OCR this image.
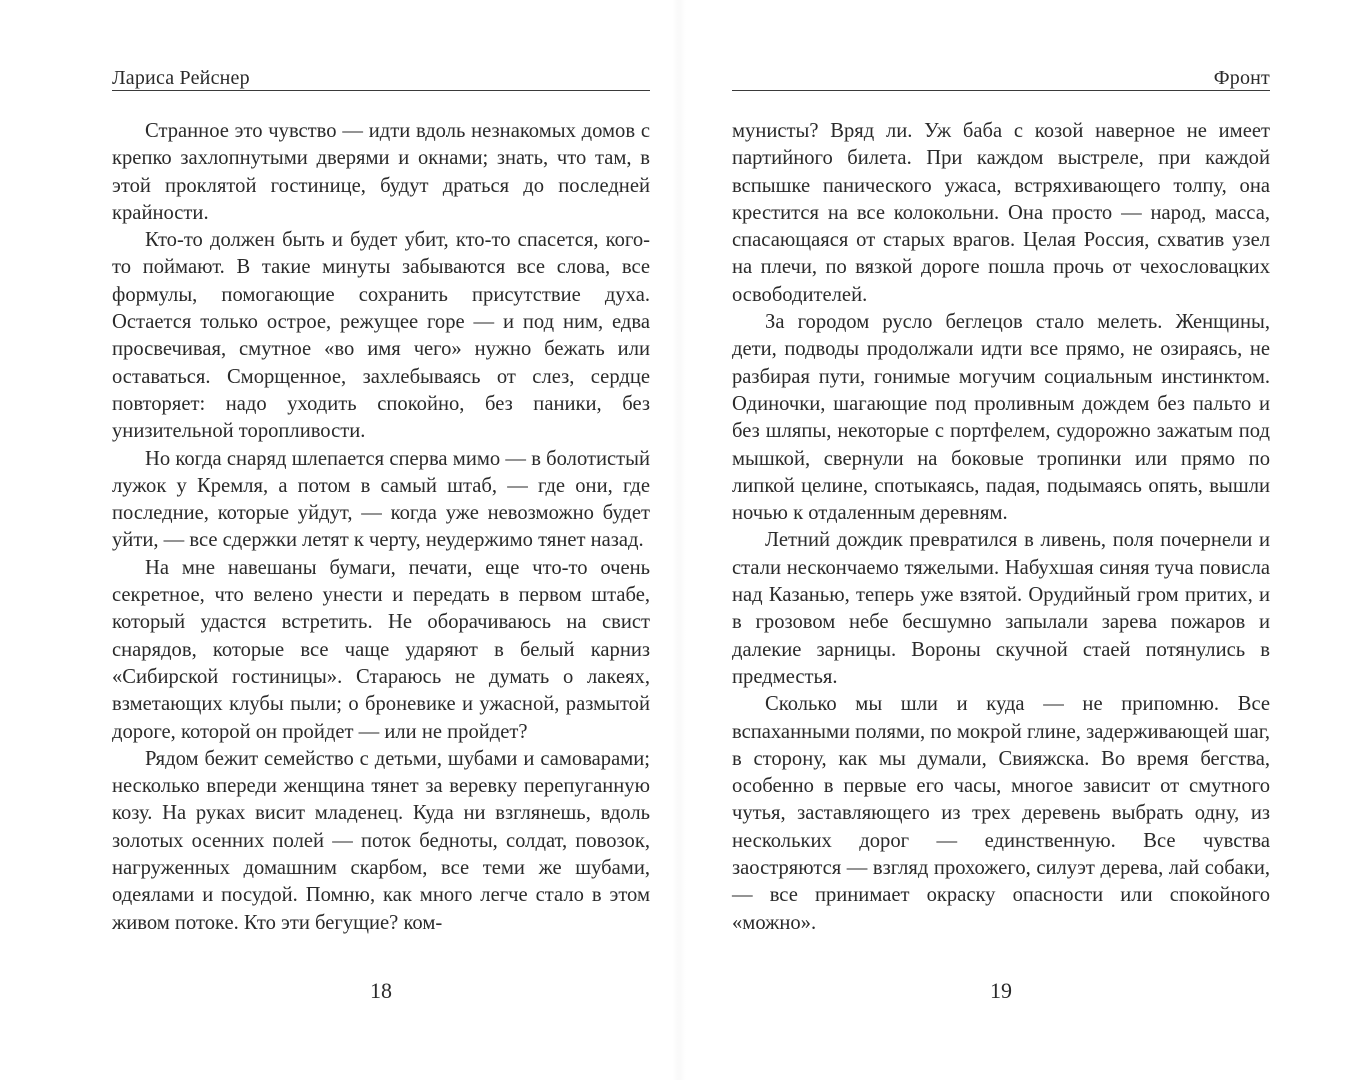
Лариса Рейснер

Странное это чувство — идти вдоль незнакомых домов с крепко захлопнутыми дверями и окнами; знать, что там, в этой проклятой гостинице, будут драться до последней крайности.

Кто-то должен быть и будет убит, кто-то спасется, кого-то поймают. В такие минуты забываются все слова, все формулы, помогающие сохранить присутствие духа. Остается только острое, режущее горе — и под ним, едва просвечивая, смутное «во имя чего» нужно бежать или оставаться. Сморщенное, захлебываясь от слез, сердце повторяет: надо уходить спокойно, без паники, без унизительной торопливости.

Но когда снаряд шлепается сперва мимо — в болотистый лужок у Кремля, а потом в самый штаб, — где они, где последние, которые уйдут, — когда уже невозможно будет уйти, — все сдержки летят к черту, неудержимо тянет назад.

На мне навешаны бумаги, печати, еще что-то очень секретное, что велено унести и передать в первом штабе, который удастся встретить. Не оборачиваюсь на свист снарядов, которые все чаще ударяют в белый карниз «Сибирской гостиницы». Стараюсь не думать о лакеях, взметающих клубы пыли; о броневике и ужасной, размытой дороге, которой он пройдет — или не пройдет?

Рядом бежит семейство с детьми, шубами и самоварами; несколько впереди женщина тянет за веревку перепуганную козу. На руках висит младенец. Куда ни взглянешь, вдоль золотых осенних полей — поток бедноты, солдат, повозок, нагруженных домашним скарбом, все теми же шубами, одеялами и посудой. Помню, как много легче стало в этом живом потоке. Кто эти бегущие? ком-

18
Фронт

мунисты? Вряд ли. Уж баба с козой наверное не имеет партийного билета. При каждом выстреле, при каждой вспышке панического ужаса, встряхивающего толпу, она крестится на все колокольни. Она просто — народ, масса, спасающаяся от старых врагов. Целая Россия, схватив узел на плечи, по вязкой дороге пошла прочь от чехословацких освободителей.

За городом русло беглецов стало мелеть. Женщины, дети, подводы продолжали идти все прямо, не озираясь, не разбирая пути, гонимые могучим социальным инстинктом. Одиночки, шагающие под проливным дождем без пальто и без шляпы, некоторые с портфелем, судорожно зажатым под мышкой, свернули на боковые тропинки или прямо по липкой целине, спотыкаясь, падая, подымаясь опять, вышли ночью к отдаленным деревням.

Летний дождик превратился в ливень, поля почернели и стали нескончаемо тяжелыми. Набухшая синяя туча повисла над Казанью, теперь уже взятой. Орудийный гром притих, и в грозовом небе бесшумно запылали зарева пожаров и далекие зарницы. Вороны скучной стаей потянулись в предместья.

Сколько мы шли и куда — не припомню. Все вспаханными полями, по мокрой глине, задерживающей шаг, в сторону, как мы думали, Свияжска. Во время бегства, особенно в первые его часы, многое зависит от смутного чутья, заставляющего из трех деревень выбрать одну, из нескольких дорог — единственную. Все чувства заостряются — взгляд прохожего, силуэт дерева, лай собаки, — все принимает окраску опасности или спокойного «можно».

19
